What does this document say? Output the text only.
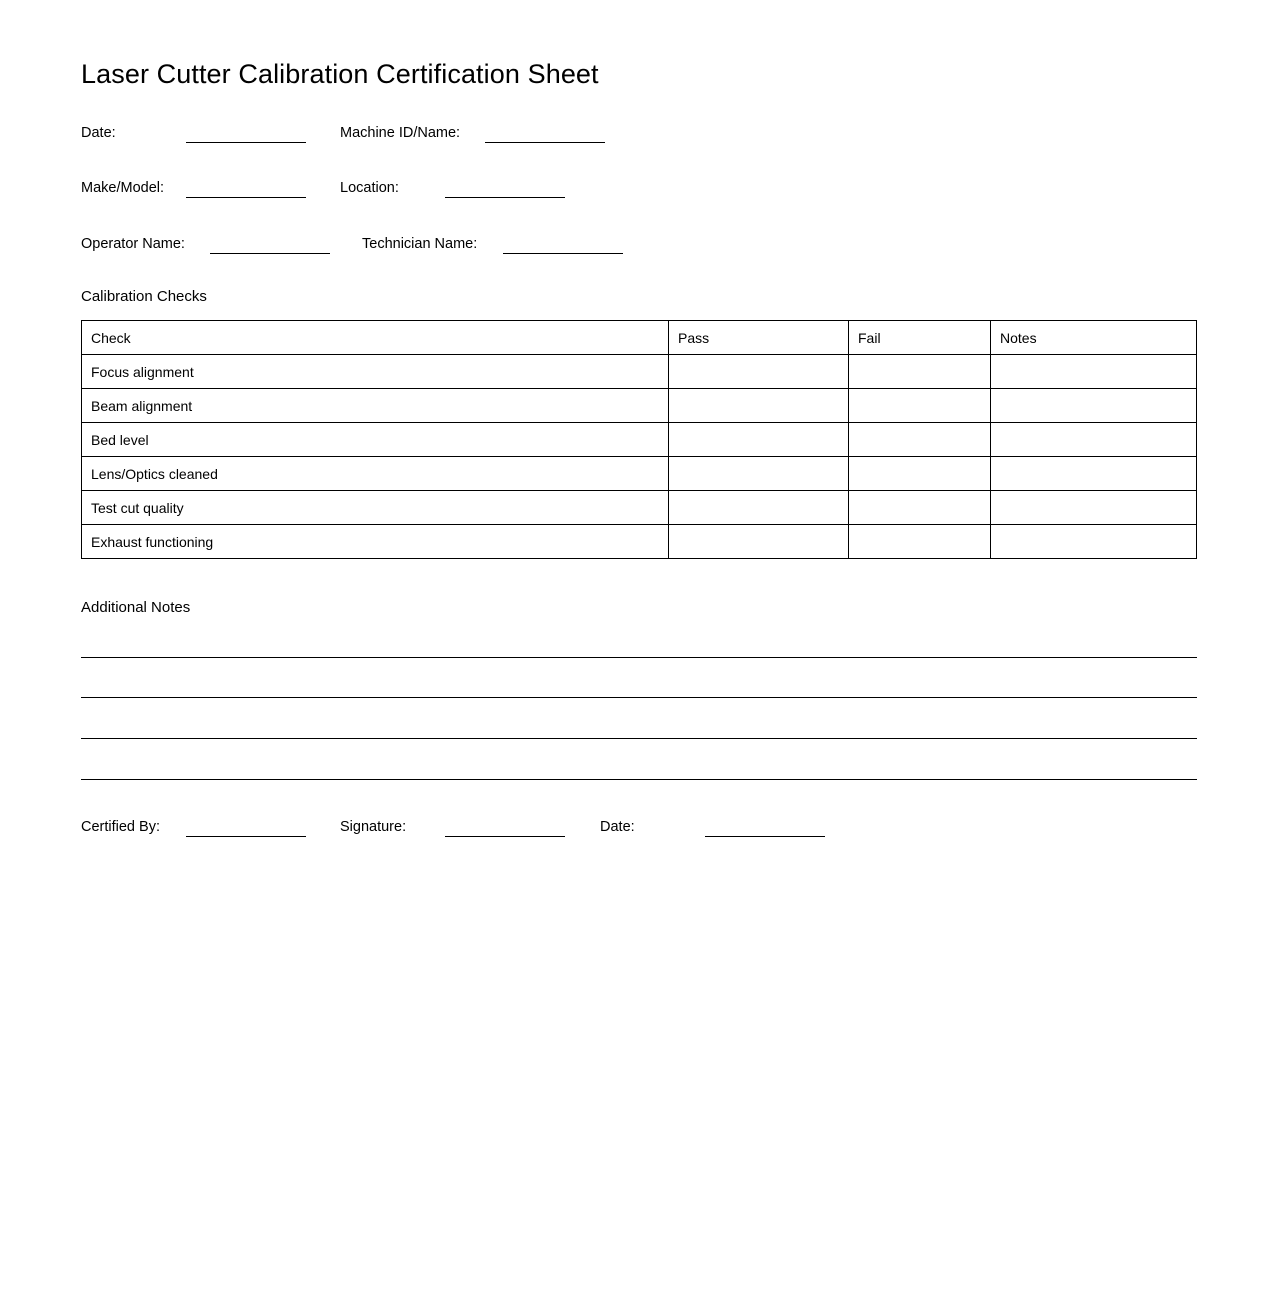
Laser Cutter Calibration Certification Sheet
Date:	Machine ID/Name:
Make/Model:	Location:
Operator Name:	Technician Name:
Calibration Checks
Check	Pass	Fail	Notes
Focus alignment			
Beam alignment			
Bed level			
Lens/Optics cleaned			
Test cut quality			
Exhaust functioning			
Additional Notes
Certified By:	Signature:	Date:
